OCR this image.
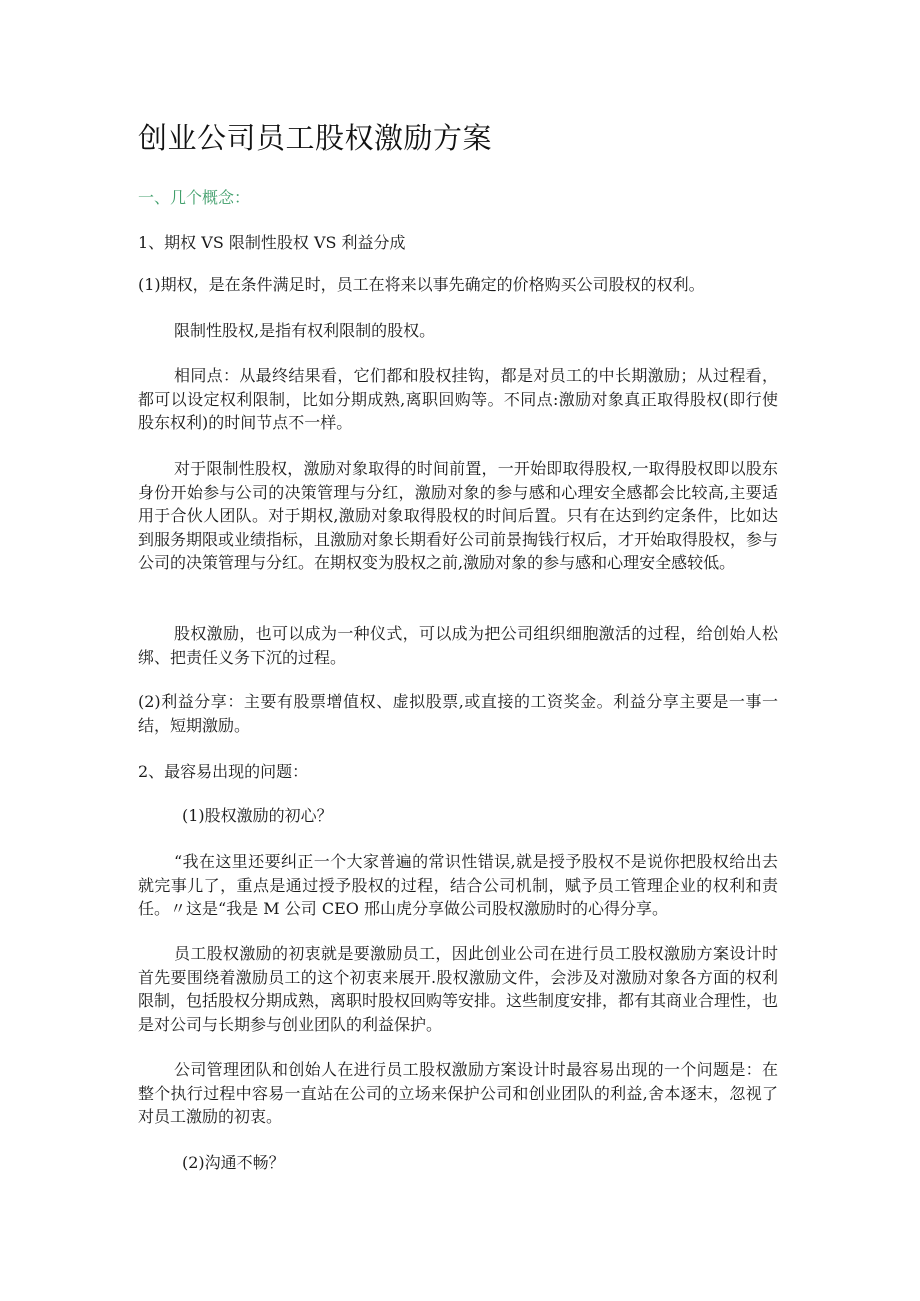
创业公司员工股权激励方案

一、几个概念：

1、期权 VS 限制性股权 VS 利益分成

(1)期权，是在条件满足时，员工在将来以事先确定的价格购买公司股权的权利。

限制性股权,是指有权利限制的股权。

相同点：从最终结果看，它们都和股权挂钩，都是对员工的中长期激励；从过程看，都可以设定权利限制，比如分期成熟,离职回购等。不同点:激励对象真正取得股权(即行使股东权利)的时间节点不一样。

对于限制性股权，激励对象取得的时间前置，一开始即取得股权,一取得股权即以股东身份开始参与公司的决策管理与分红，激励对象的参与感和心理安全感都会比较高,主要适用于合伙人团队。对于期权,激励对象取得股权的时间后置。只有在达到约定条件，比如达到服务期限或业绩指标，且激励对象长期看好公司前景掏钱行权后，才开始取得股权，参与公司的决策管理与分红。在期权变为股权之前,激励对象的参与感和心理安全感较低。

股权激励，也可以成为一种仪式，可以成为把公司组织细胞激活的过程，给创始人松绑、把责任义务下沉的过程。

(2)利益分享：主要有股票增值权、虚拟股票,或直接的工资奖金。利益分享主要是一事一结，短期激励。

2、最容易出现的问题：

(1)股权激励的初心？

“我在这里还要纠正一个大家普遍的常识性错误,就是授予股权不是说你把股权给出去就完事儿了，重点是通过授予股权的过程，结合公司机制，赋予员工管理企业的权利和责任。〃这是“我是 M 公司 CEO 邢山虎分享做公司股权激励时的心得分享。

员工股权激励的初衷就是要激励员工，因此创业公司在进行员工股权激励方案设计时首先要围绕着激励员工的这个初衷来展开.股权激励文件，会涉及对激励对象各方面的权利限制，包括股权分期成熟，离职时股权回购等安排。这些制度安排，都有其商业合理性，也是对公司与长期参与创业团队的利益保护。

公司管理团队和创始人在进行员工股权激励方案设计时最容易出现的一个问题是：在整个执行过程中容易一直站在公司的立场来保护公司和创业团队的利益,舍本逐末，忽视了对员工激励的初衷。

(2)沟通不畅？
